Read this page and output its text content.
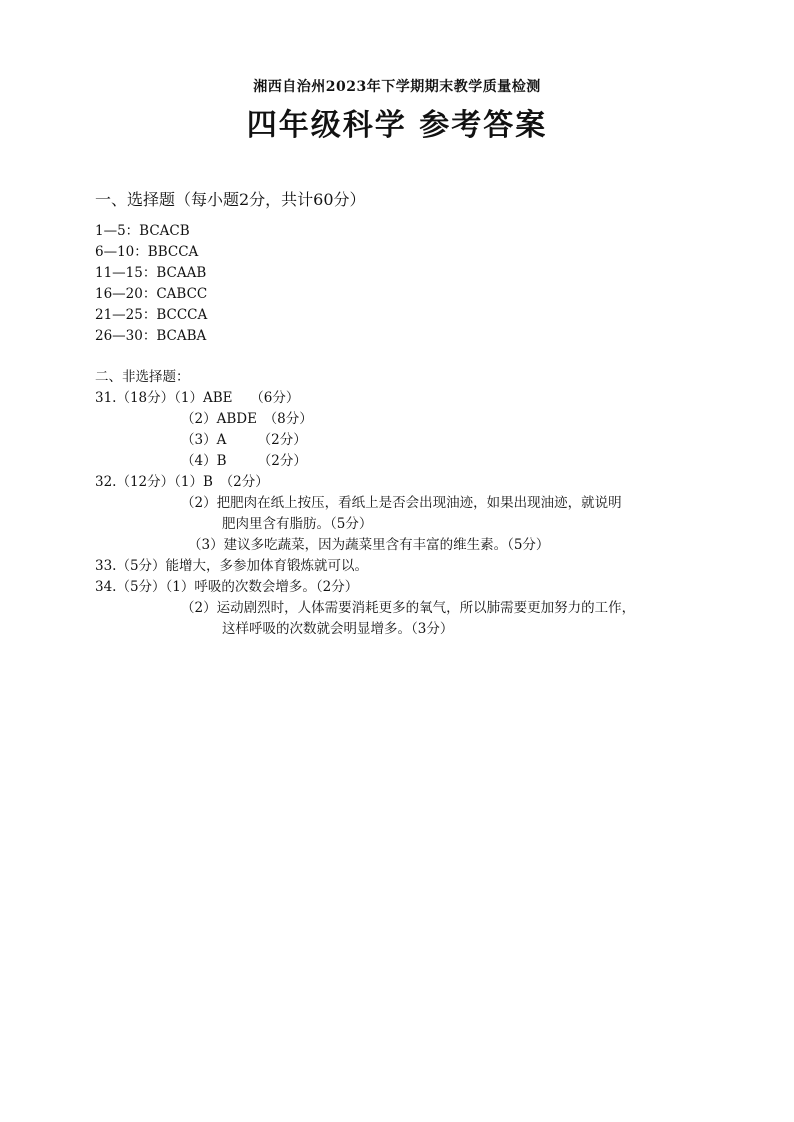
湘西自治州2023年下学期期末教学质量检测
四年级科学 参考答案
一、选择题（每小题2分，共计60分）
1—5：BCACB
6—10：BBCCA
11—15：BCAAB
16—20：CABCC
21—25：BCCCA
26—30：BCABA
二、非选择题：
31.（18分）（1）ABE　 （6分）
（2）ABDE　（8分）
（3）A　　 （2分）
（4）B　　 （2分）
32.（12分）（1）B　（2分）
（2）把肥肉在纸上按压，看纸上是否会出现油迹，如果出现油迹，就说明
肥肉里含有脂肪。（5分）
（3）建议多吃蔬菜，因为蔬菜里含有丰富的维生素。（5分）
33.（5分）能增大，多参加体育锻炼就可以。
34.（5分）（1）呼吸的次数会增多。（2分）
（2）运动剧烈时，人体需要消耗更多的氧气，所以肺需要更加努力的工作，
这样呼吸的次数就会明显增多。（3分）
